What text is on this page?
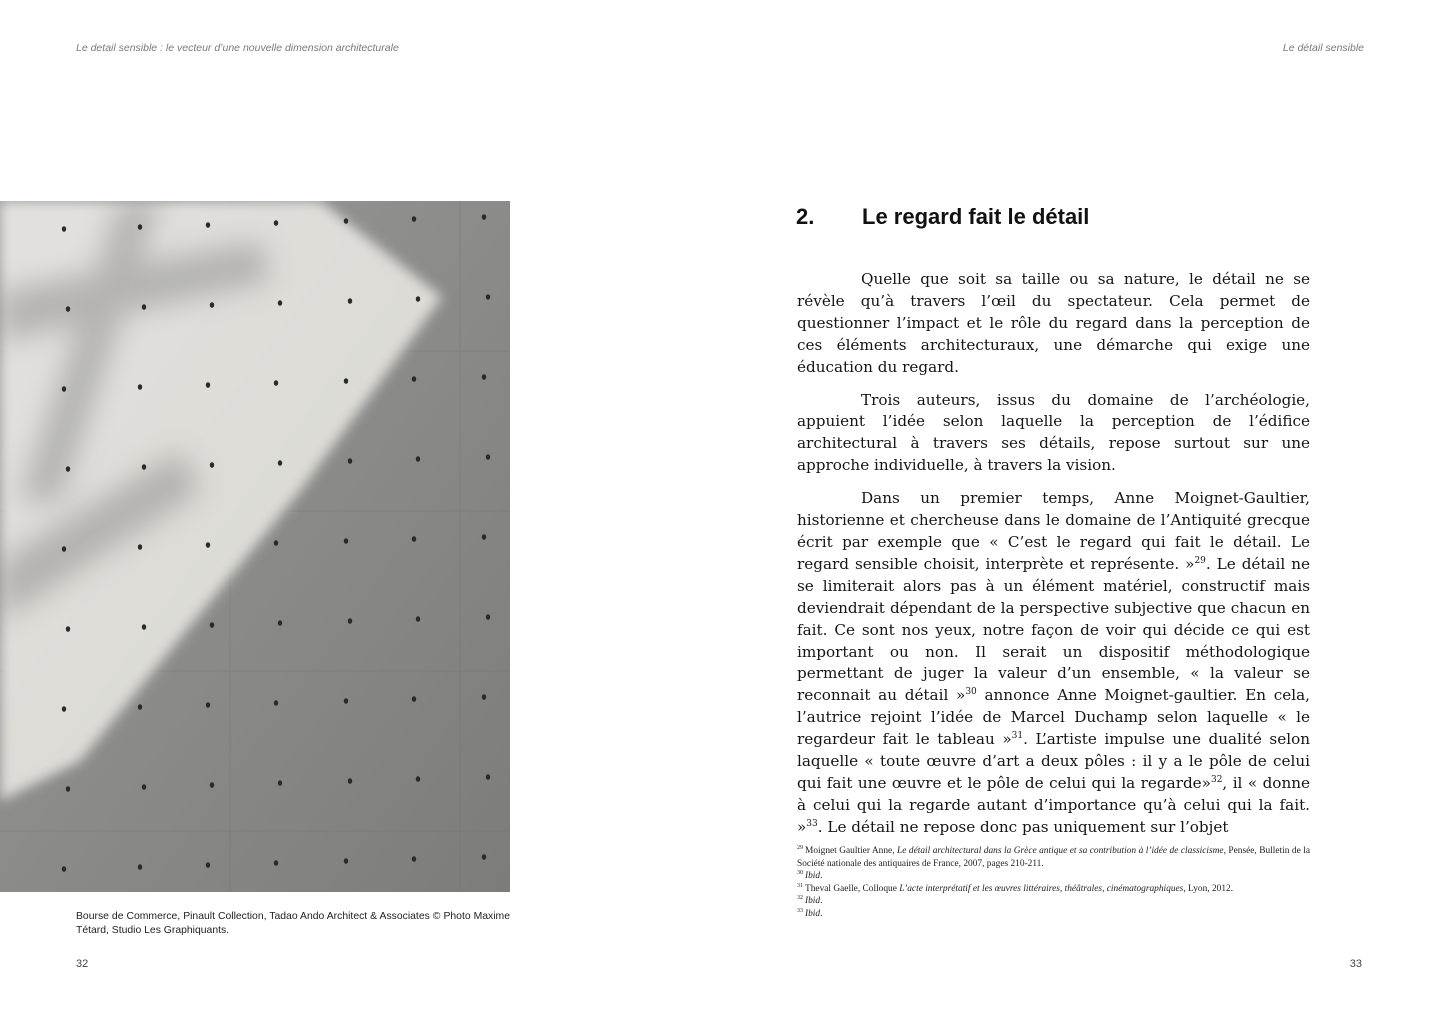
Le detail sensible : le vecteur d’une nouvelle dimension architecturale	Le détail sensible
Bourse de Commerce, Pinault Collection, Tadao Ando Architect & Associates © Photo Maxime Tétard, Studio Les Graphiquants.
32	33
2.	Le regard fait le détail

Quelle que soit sa taille ou sa nature, le détail ne se révèle qu’à travers l’œil du spectateur. Cela permet de questionner l’impact et le rôle du regard dans la perception de ces éléments architecturaux, une démarche qui exige une éducation du regard.

Trois auteurs, issus du domaine de l’archéologie, appuient l’idée selon laquelle la perception de l’édifice architectural à travers ses détails, repose surtout sur une approche individuelle, à travers la vision.

Dans un premier temps, Anne Moignet-Gaultier, historienne et chercheuse dans le domaine de l’Antiquité grecque écrit par exemple que « C’est le regard qui fait le détail. Le regard sensible choisit, interprète et représente. »$^{29}$. Le détail ne se limiterait alors pas à un élément matériel, constructif mais deviendrait dépendant de la perspective subjective que chacun en fait. Ce sont nos yeux, notre façon de voir qui décide ce qui est important ou non. Il serait un dispositif méthodologique permettant de juger la valeur d’un ensemble, « la valeur se reconnait au détail »$^{30}$ annonce Anne Moignet-gaultier. En cela, l’autrice rejoint l’idée de Marcel Duchamp selon laquelle « le regardeur fait le tableau »$^{31}$. L’artiste impulse une dualité selon laquelle « toute œuvre d’art a deux pôles : il y a le pôle de celui qui fait une œuvre et le pôle de celui qui la regarde»$^{32}$, il « donne à celui qui la regarde autant d’importance qu’à celui qui la fait. »$^{33}$. Le détail ne repose donc pas uniquement sur l’objet

$^{29}$ Moignet Gaultier Anne, Le détail architectural dans la Grèce antique et sa contribution à l’idée de classicisme, Pensée, Bulletin de la Société nationale des antiquaires de France, 2007, pages 210-211.
$^{30}$ Ibid.
$^{31}$ Theval Gaelle, Colloque L’acte interprétatif et les œuvres littéraires, théâtrales, cinématographiques, Lyon, 2012.
$^{32}$ Ibid.
$^{33}$ Ibid.
